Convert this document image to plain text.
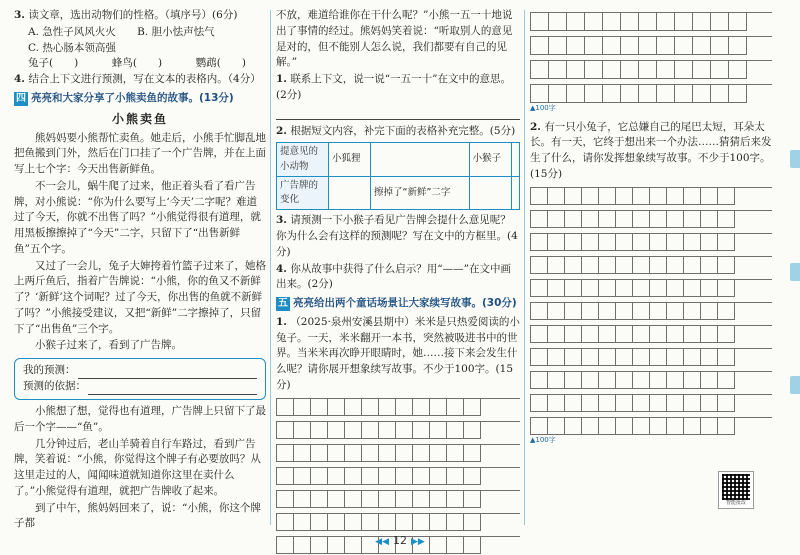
3. 读文章，选出动物们的性格。（填序号）(6分)

A. 急性子风风火火 B. 胆小怯声怯气
C. 热心肠本领高强
兔子(　　)	蜂鸟(　　)	鹦鹉(　　)

4. 结合上下文进行预测，写在文本的表格内。（4分）

四 亮亮和大家分享了小熊卖鱼的故事。(13分)
小熊卖鱼

熊妈妈要小熊帮忙卖鱼。她走后，小熊手忙脚乱地把鱼搬到门外，然后在门口挂了一个广告牌，并在上面写上七个字：今天出售新鲜鱼。

不一会儿，蜗牛爬了过来，他正着头看了看广告牌，对小熊说：“你为什么要写上‘今天’二字呢？难道过了今天，你就不出售了吗？”小熊觉得很有道理，就用黑板擦擦掉了“今天”二字，只留下了“出售新鲜鱼”五个字。

又过了一会儿，兔子大婶挎着竹篮子过来了，她格上两斤鱼后，指着广告牌说：“小熊，你的鱼又不新鲜了？‘新鲜’这个词呢？过了今天，你出售的鱼就不新鲜了吗？”小熊接受建议，又把“新鲜”二字擦掉了，只留下了“出售鱼”三个字。

小猴子过来了，看到了广告牌。

我的预测：
预测的依据：

小熊想了想，觉得也有道理，广告牌上只留下了最后一个字——“鱼”。

几分钟过后，老山羊骑着自行车路过，看到广告牌，笑着说：“小熊，你觉得这个牌子有必要放吗？从这里走过的人，闻闻味道就知道你这里在卖什么了。”小熊觉得有道理，就把广告牌收了起来。

到了中午，熊妈妈回来了，说：“小熊，你这个牌子都

不放，难道给谁你在干什么呢？”小熊一五一十地说出了事情的经过。熊妈妈笑着说：“听取别人的意见是对的，但不能别人怎么说，我们都要有自己的见解。”

1. 联系上下文，说一说“一五一十”在文中的意思。(2分)

2. 根据短文内容，补完下面的表格补充完整。(5分)

提意见的小动物	小狐狸		小猴子	
广告牌的变化		擦掉了“新鲜”二字		

3. 请预测一下小猴子看见广告牌会提什么意见呢？你为什么会有这样的预测呢？写在文中的方框里。(4分)

4. 你从故事中获得了什么启示？用“——”在文中画出来。(2分)

五 亮亮给出两个童话场景让大家续写故事。(30分)

1. （2025·泉州安溪县期中）米米是只热爱阅读的小兔子。一天，米米翻开一本书，突然被吸进书中的世界。当米米再次睁开眼睛时，她……接下来会发生什么呢？请你展开想象续写故事。不少于100字。(15分)

▲100字

2. 有一只小兔子，它总嫌自己的尾巴太短，耳朵太长。有一天，它终于想出来一个办法……猜猜后来发生了什么，请你发挥想象续写故事。不少于100字。(15分)

▲100字
智能批改
◀◀ 12 ▶▶
